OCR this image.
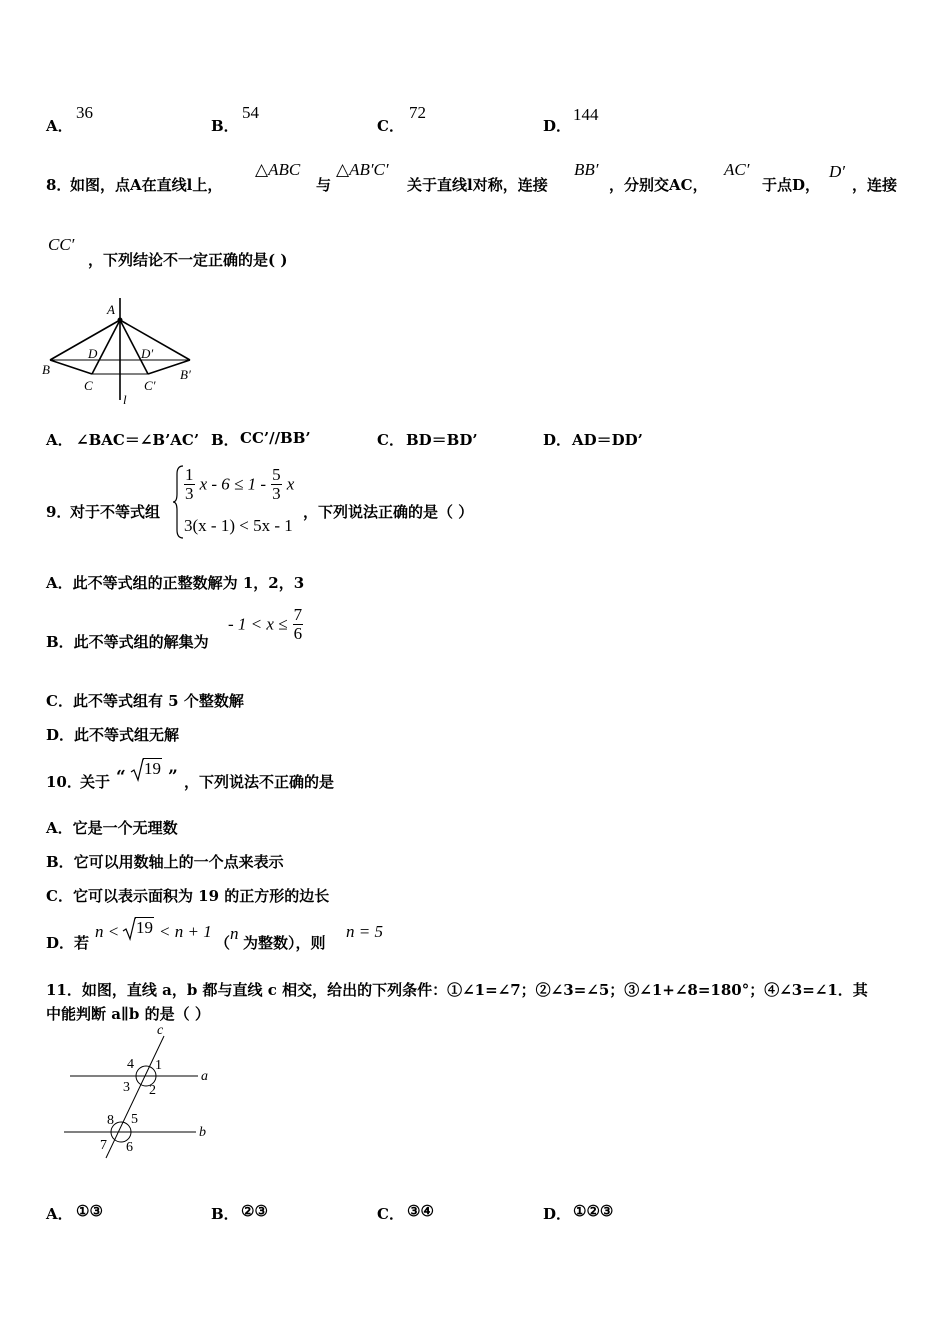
A．
36
B．
54
C．
72
D．
144
8．
如图，点A在直线l上，
△ABC
与
△AB′C′
关于直线l对称，连接
BB′
，分别交AC，
AC′
于点D，
D′
，连接
CC′
，下列结论不一定正确的是( )
A
B	B′
C	C′
D	D′
l
A． ∠BAC＝∠B’AC’ B． CC’//BB’	C． BD＝BD’	D． AD＝DD’
9．
对于不等式组
$\frac{1}{3}$ $x - 6 \le 1 - \frac{5}{3}$ x
3(x - 1) < 5x - 1
，下列说法正确的是（ ）
A．此不等式组的正整数解为 1，2，3
B．此不等式组的解集为
- $1 < x \le \frac{7}{6}$
C．此不等式组有 5 个整数解
D．此不等式组无解
10．
关于 “	19 ” ，下列说法不正确的是
A．它是一个无理数
B．它可以用数轴上的一个点来表示
C．它可以表示面积为 19 的正方形的边长
D．若
n < 19 < n + 1
（ n 为整数），则
n = 5
11．如图，直线 a，b 都与直线 c 相交，给出的下列条件：①∠1=∠7；②∠3=∠5；③∠1+∠8=180°；④∠3=∠1．其
中能判断 a∥b 的是（ ）
c
a
b
1
2
3
4
5
6
7
8
A． ①③	B． ②③	C． ③④	D． ①②③
